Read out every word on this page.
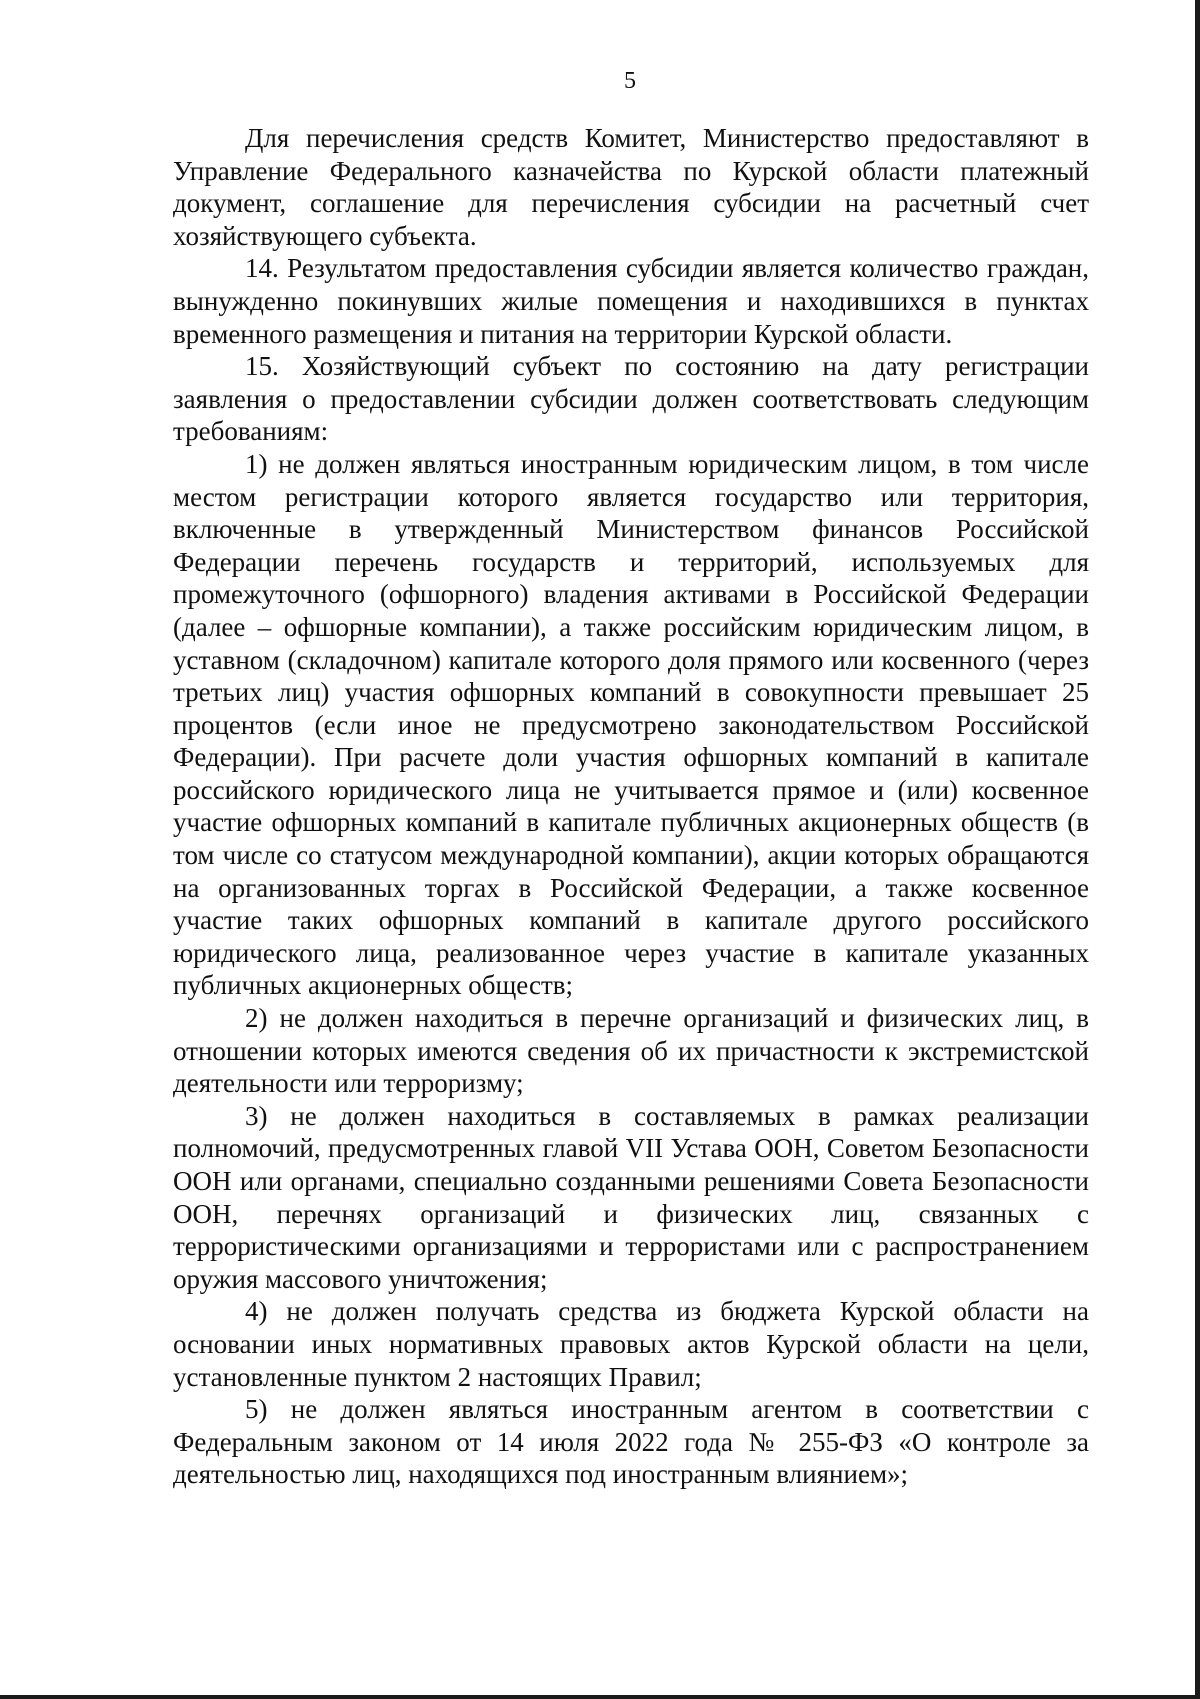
5

Для перечисления средств Комитет, Министерство предоставляют в Управление Федерального казначейства по Курской области платежный документ, соглашение для перечисления субсидии на расчетный счет хозяйствующего субъекта.

14. Результатом предоставления субсидии является количество граждан, вынужденно покинувших жилые помещения и находившихся в пунктах временного размещения и питания на территории Курской области.

15. Хозяйствующий субъект по состоянию на дату регистрации заявления о предоставлении субсидии должен соответствовать следующим требованиям:

1) не должен являться иностранным юридическим лицом, в том числе местом регистрации которого является государство или территория, включенные в утвержденный Министерством финансов Российской Федерации перечень государств и территорий, используемых для промежуточного (офшорного) владения активами в Российской Федерации (далее – офшорные компании), а также российским юридическим лицом, в уставном (складочном) капитале которого доля прямого или косвенного (через третьих лиц) участия офшорных компаний в совокупности превышает 25 процентов (если иное не предусмотрено законодательством Российской Федерации). При расчете доли участия офшорных компаний в капитале российского юридического лица не учитывается прямое и (или) косвенное участие офшорных компаний в капитале публичных акционерных обществ (в том числе со статусом международной компании), акции которых обращаются на организованных торгах в Российской Федерации, а также косвенное участие таких офшорных компаний в капитале другого российского юридического лица, реализованное через участие в капитале указанных публичных акционерных обществ;

2) не должен находиться в перечне организаций и физических лиц, в отношении которых имеются сведения об их причастности к экстремистской деятельности или терроризму;

3) не должен находиться в составляемых в рамках реализации полномочий, предусмотренных главой VII Устава ООН, Советом Безопасности ООН или органами, специально созданными решениями Совета Безопасности ООН, перечнях организаций и физических лиц, связанных с террористическими организациями и террористами или с распространением оружия массового уничтожения;

4) не должен получать средства из бюджета Курской области на основании иных нормативных правовых актов Курской области на цели, установленные пунктом 2 настоящих Правил;

5) не должен являться иностранным агентом в соответствии с Федеральным законом от 14 июля 2022 года № 255-ФЗ «О контроле за деятельностью лиц, находящихся под иностранным влиянием»;
